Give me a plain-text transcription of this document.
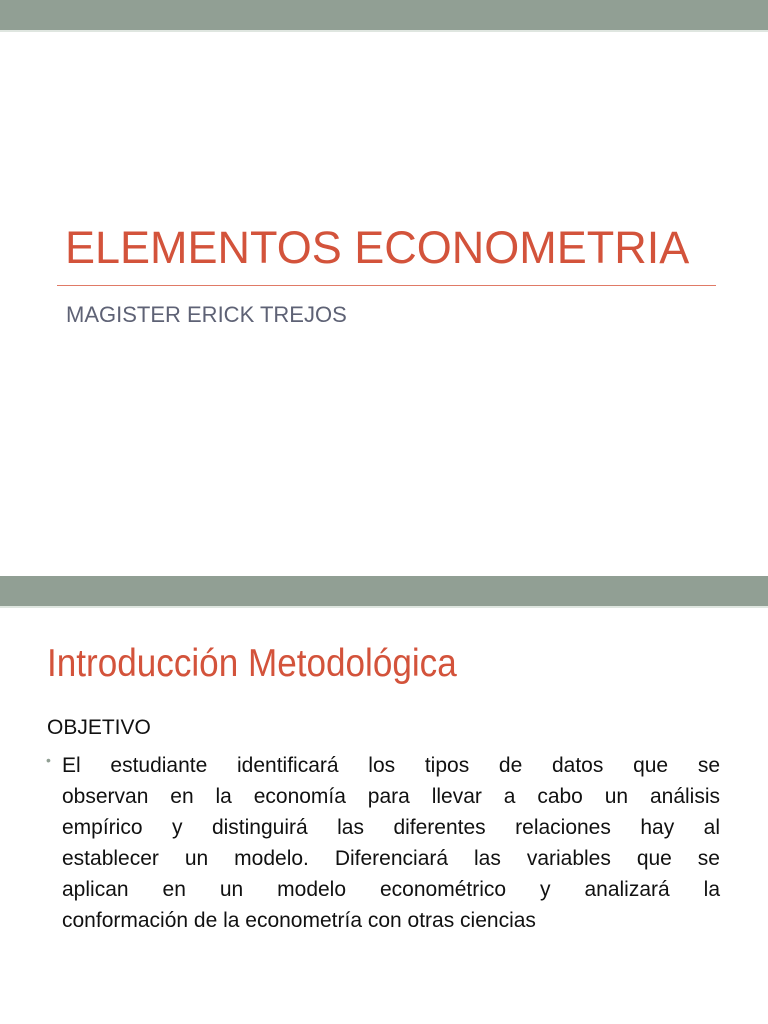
ELEMENTOS ECONOMETRIA
MAGISTER ERICK TREJOS
Introducción Metodológica
OBJETIVO
• El estudiante identificará los tipos de datos que se
observan en la economía para llevar a cabo un análisis
empírico y distinguirá las diferentes relaciones hay al
establecer un modelo. Diferenciará las variables que se
aplican en un modelo econométrico y analizará la
conformación de la econometría con otras ciencias
